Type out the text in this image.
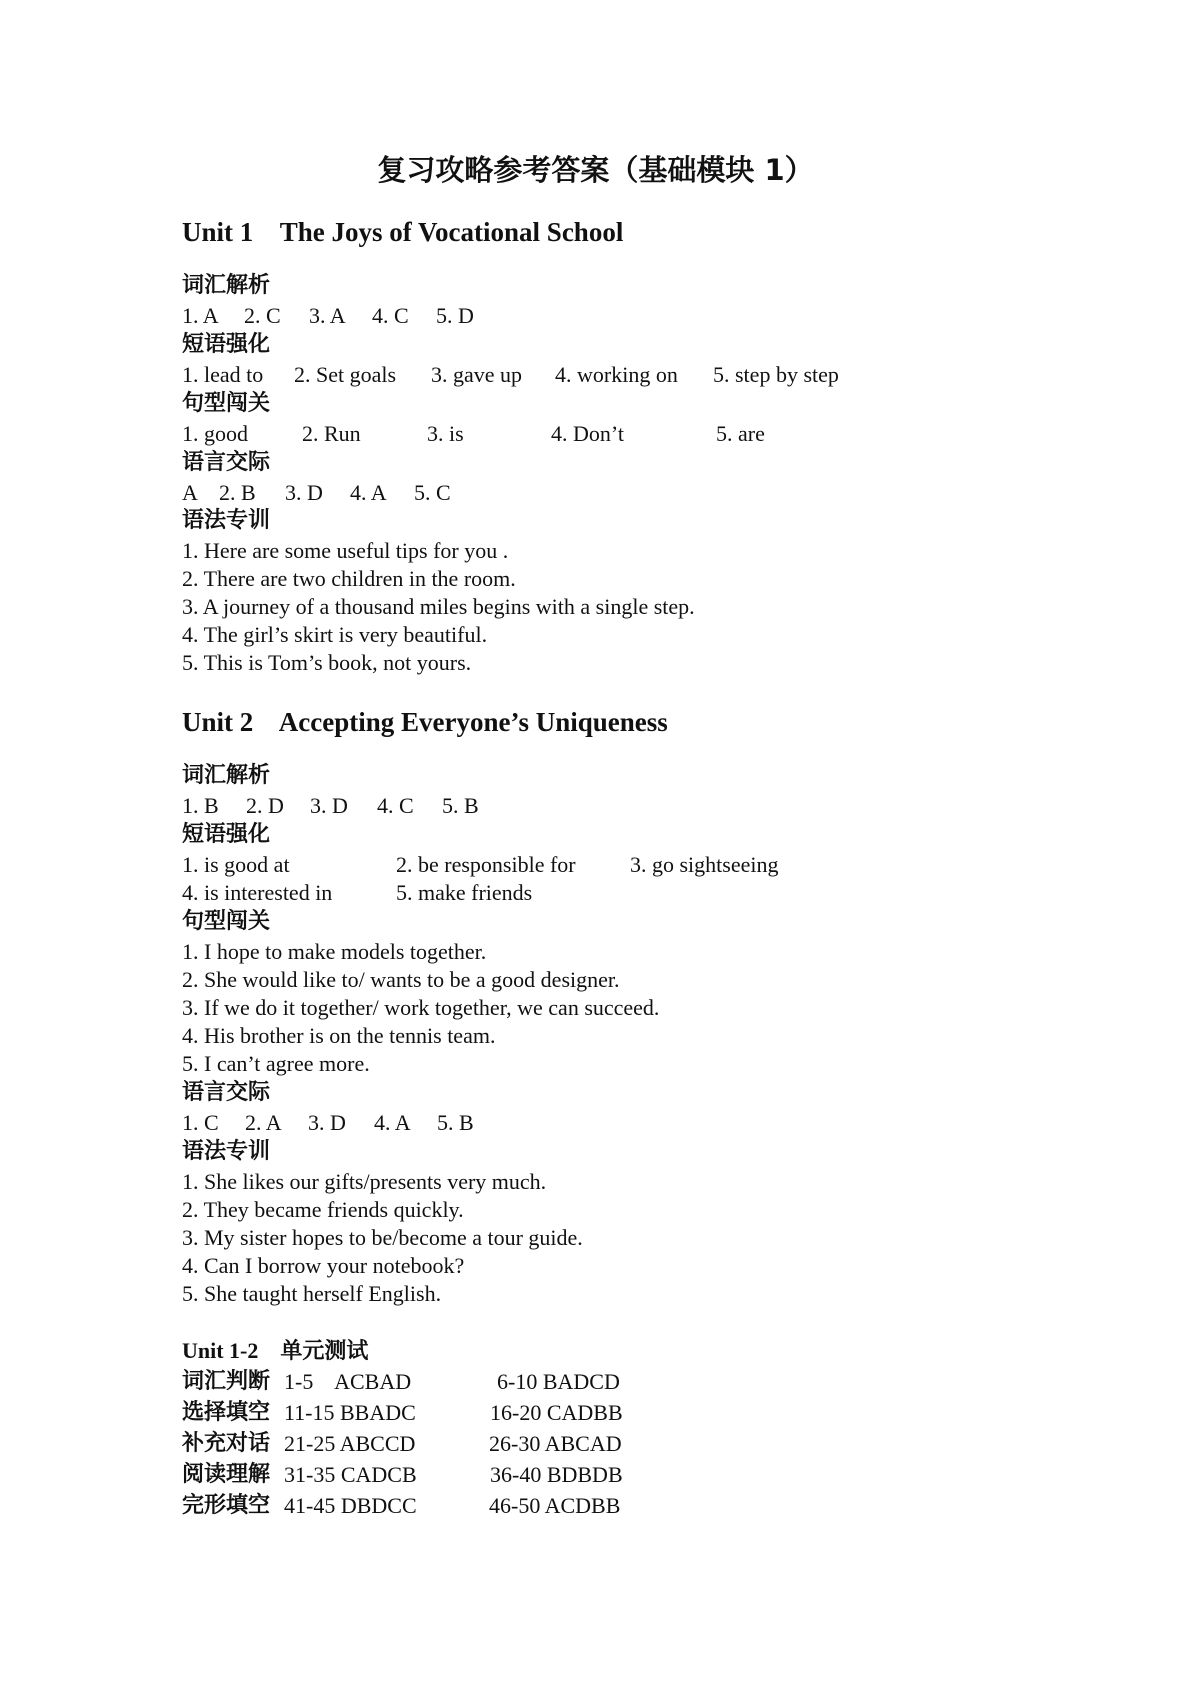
复习攻略参考答案（基础模块 1）
Unit 1    The Joys of Vocational School
词汇解析
1. A 2. C 3. A 4. C 5. D
短语强化
1. lead to 2. Set goals 3. gave up 4. working on 5. step by step
句型闯关
1. good 2. Run	3. is	4. Don’t	5. are
语言交际
A 2. B 3. D 4. A 5. C
语法专训
1. Here are some useful tips for you .
2. There are two children in the room.
3. A journey of a thousand miles begins with a single step.
4. The girl’s skirt is very beautiful.
5. This is Tom’s book, not yours.
Unit 2    Accepting Everyone’s Uniqueness
词汇解析
1. B 2. D 3. D 4. C 5. B
短语强化
1. is good at	2. be responsible for 3. go sightseeing
4. is interested in	5. make friends
句型闯关
1. I hope to make models together.
2. She would like to/ wants to be a good designer.
3. If we do it together/ work together, we can succeed.
4. His brother is on the tennis team.
5. I can’t agree more.
语言交际
1. C 2. A 3. D 4. A 5. B
语法专训
1. She likes our gifts/presents very much.
2. They became friends quickly.
3. My sister hopes to be/become a tour guide.
4. Can I borrow your notebook?
5. She taught herself English.
Unit 1-2 单元测试
词汇判断 1-5    ACBAD	6-10 BADCD
选择填空 11-15 BBADC	16-20 CADBB
补充对话 21-25 ABCCD	26-30 ABCAD
阅读理解 31-35 CADCB	36-40 BDBDB
完形填空 41-45 DBDCC	46-50 ACDBB
